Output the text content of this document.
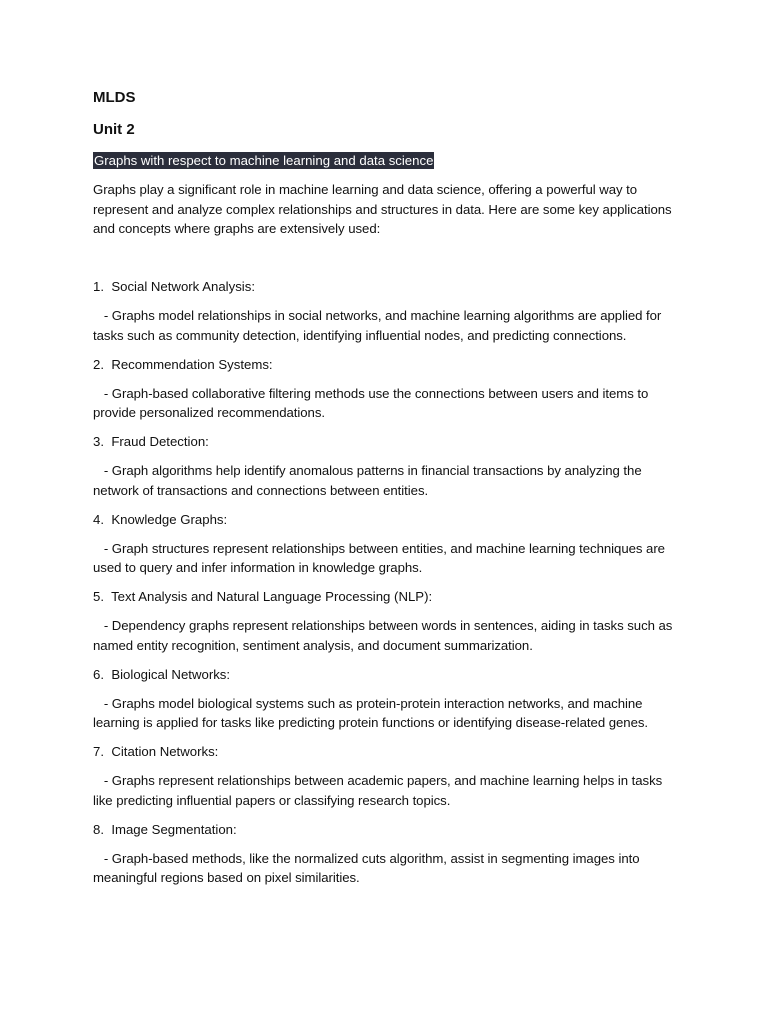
MLDS
Unit 2

Graphs with respect to machine learning and data science

Graphs play a significant role in machine learning and data science, offering a powerful way to represent and analyze complex relationships and structures in data. Here are some key applications and concepts where graphs are extensively used:

1.  Social Network Analysis:

- Graphs model relationships in social networks, and machine learning algorithms are applied for tasks such as community detection, identifying influential nodes, and predicting connections.

2.  Recommendation Systems:

- Graph-based collaborative filtering methods use the connections between users and items to provide personalized recommendations.

3.  Fraud Detection:

- Graph algorithms help identify anomalous patterns in financial transactions by analyzing the network of transactions and connections between entities.

4.  Knowledge Graphs:

- Graph structures represent relationships between entities, and machine learning techniques are used to query and infer information in knowledge graphs.

5.  Text Analysis and Natural Language Processing (NLP):

- Dependency graphs represent relationships between words in sentences, aiding in tasks such as named entity recognition, sentiment analysis, and document summarization.

6.  Biological Networks:

- Graphs model biological systems such as protein-protein interaction networks, and machine learning is applied for tasks like predicting protein functions or identifying disease-related genes.

7.  Citation Networks:

- Graphs represent relationships between academic papers, and machine learning helps in tasks like predicting influential papers or classifying research topics.

8.  Image Segmentation:

- Graph-based methods, like the normalized cuts algorithm, assist in segmenting images into meaningful regions based on pixel similarities.
